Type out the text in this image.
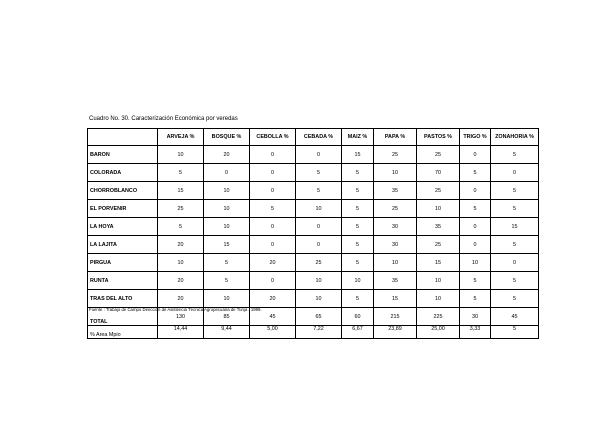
Cuadro No. 30. Caracterización Económica por veredas
	ARVEJA %	BOSQUE %	CEBOLLA %	CEBADA %	MAIZ %	PAPA %	PASTOS %	TRIGO %	ZONAHORIA %
BARON	10	20	0	0	15	25	25	0	5
COLORADA	5	0	0	5	5	10	70	5	0
CHORROBLANCO	15	10	0	5	5	35	25	0	5
EL PORVENIR	25	10	5	10	5	25	10	5	5
LA HOYA	5	10	0	0	5	30	35	0	15
LA LAJITA	20	15	0	0	5	30	25	0	5
PIRGUA	10	5	20	25	5	10	15	10	0
RUNTA	20	5	0	10	10	35	10	5	5
TRAS DEL ALTO	20	10	20	10	5	15	10	5	5
TOTAL	130	85	45	65	60	215	225	30	45
% Area Mpio	14,44	9,44	5,00	7,22	6,67	23,89	25,00	3,33	5
Fuente : Trabajo de Campo Dirección de Asistencia Técnica Agropecuaria de Tunja . 1999.
